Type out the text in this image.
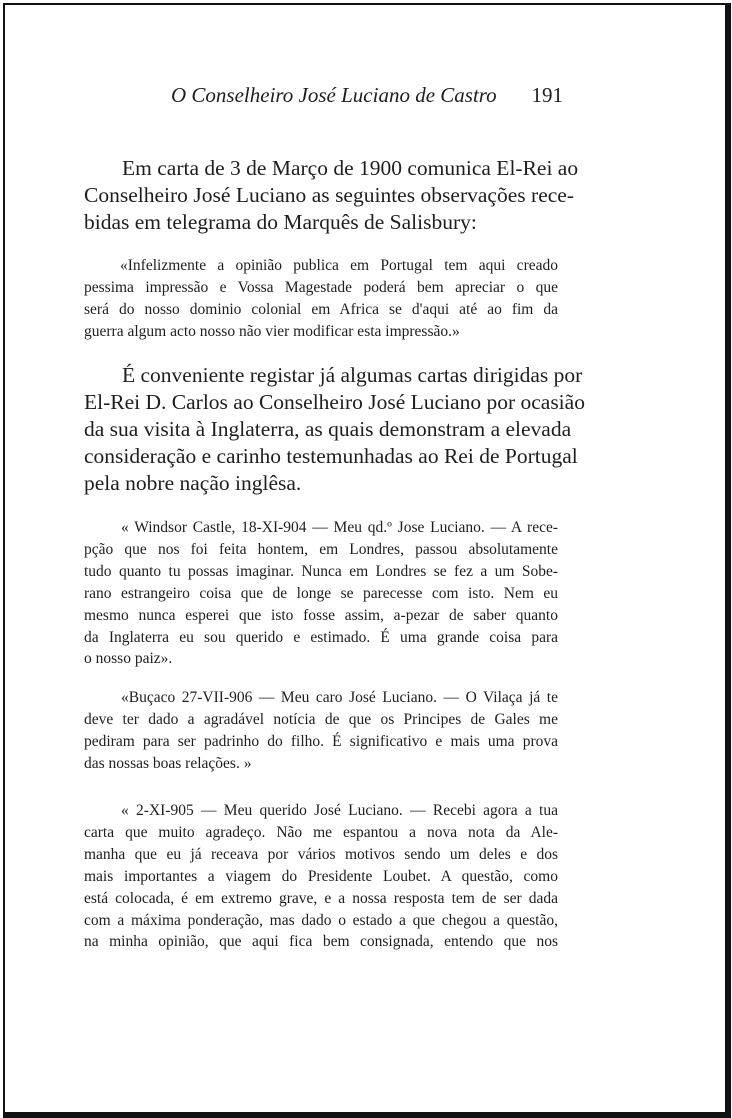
O Conselheiro José Luciano de Castro 191
Em carta de 3 de Março de 1900 comunica El-Rei ao
Conselheiro José Luciano as seguintes observações rece-
bidas em telegrama do Marquês de Salisbury:
«Infelizmente a opinião publica em Portugal tem aqui creado
pessima impressão e Vossa Magestade poderá bem apreciar o que
será do nosso dominio colonial em Africa se d'aqui até ao fim da
guerra algum acto nosso não vier modificar esta impressão.»
É conveniente registar já algumas cartas dirigidas por
El-Rei D. Carlos ao Conselheiro José Luciano por ocasião
da sua visita à Inglaterra, as quais demonstram a elevada
consideração e carinho testemunhadas ao Rei de Portugal
pela nobre nação inglêsa.
« Windsor Castle, 18-XI-904 — Meu qd.º Jose Luciano. — A rece-
pção que nos foi feita hontem, em Londres, passou absolutamente
tudo quanto tu possas imaginar. Nunca em Londres se fez a um Sobe-
rano estrangeiro coisa que de longe se parecesse com isto. Nem eu
mesmo nunca esperei que isto fosse assim, a-pezar de saber quanto
da Inglaterra eu sou querido e estimado. É uma grande coisa para
o nosso paiz».
«Buçaco 27-VII-906 — Meu caro José Luciano. — O Vilaça já te
deve ter dado a agradável notícia de que os Principes de Gales me
pediram para ser padrinho do filho. É significativo e mais uma prova
das nossas boas relações. »
« 2-XI-905 — Meu querido José Luciano. — Recebi agora a tua
carta que muito agradeço. Não me espantou a nova nota da Ale-
manha que eu já receava por vários motivos sendo um deles e dos
mais importantes a viagem do Presidente Loubet. A questão, como
está colocada, é em extremo grave, e a nossa resposta tem de ser dada
com a máxima ponderação, mas dado o estado a que chegou a questão,
na minha opinião, que aqui fica bem consignada, entendo que nos
